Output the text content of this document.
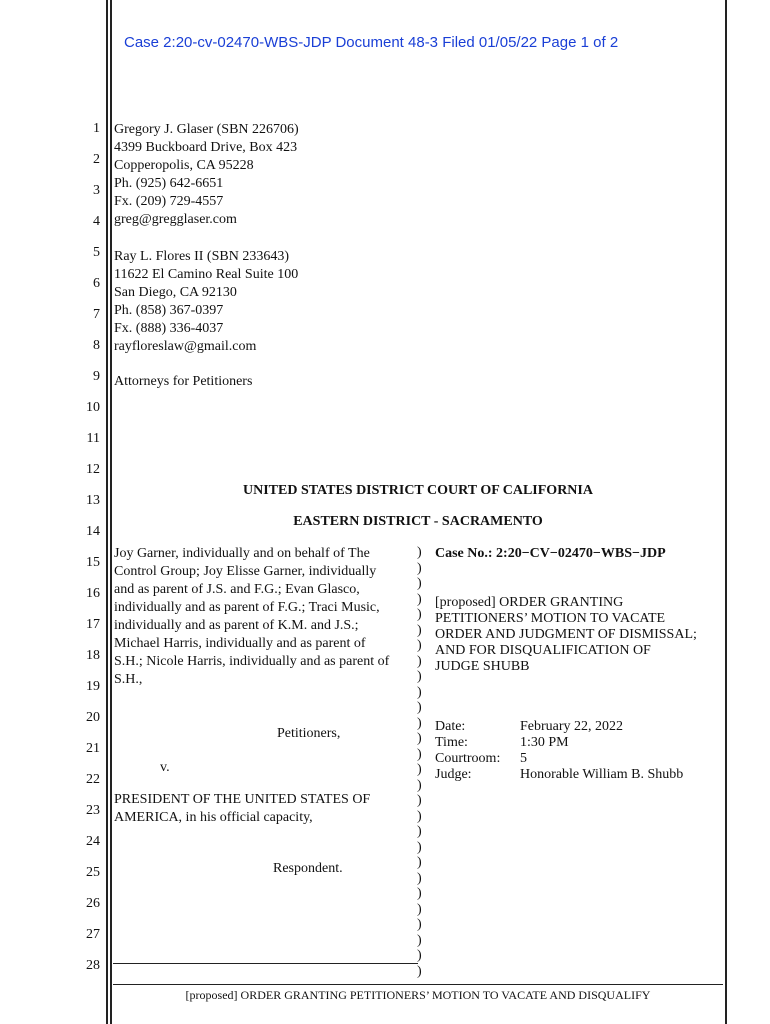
Case 2:20-cv-02470-WBS-JDP Document 48-3 Filed 01/05/22 Page 1 of 2
1
2
3
4
5
6
7
8
9
10
11
12
13
14
15
16
17
18
19
20
21
22
23
24
25
26
27
28
Gregory J. Glaser (SBN 226706)
4399 Buckboard Drive, Box 423
Copperopolis, CA 95228
Ph. (925) 642-6651
Fx. (209) 729-4557
greg@gregglaser.com
Ray L. Flores II (SBN 233643)
11622 El Camino Real Suite 100
San Diego, CA 92130
Ph. (858) 367-0397
Fx. (888) 336-4037
rayfloreslaw@gmail.com
Attorneys for Petitioners
UNITED STATES DISTRICT COURT OF CALIFORNIA
EASTERN DISTRICT - SACRAMENTO
Joy Garner, individually and on behalf of The
Control Group; Joy Elisse Garner, individually
and as parent of J.S. and F.G.; Evan Glasco,
individually and as parent of F.G.; Traci Music,
individually and as parent of K.M. and J.S.;
Michael Harris, individually and as parent of
S.H.; Nicole Harris, individually and as parent of
S.H.,
Petitioners,
v.
PRESIDENT OF THE UNITED STATES OF
AMERICA, in his official capacity,
Respondent.
)
)
)
)
)
)
)
)
)
)
)
)
)
)
)
)
)
)
)
)
)
)
)
)
)
)
)
)
Case No.: 2:20−CV−02470−WBS−JDP
[proposed] ORDER GRANTING
PETITIONERS’ MOTION TO VACATE
ORDER AND JUDGMENT OF DISMISSAL;
AND FOR DISQUALIFICATION OF
JUDGE SHUBB
Date:	February 22, 2022
Time:	1:30 PM
Courtroom: 5
Judge:	Honorable William B. Shubb
[proposed] ORDER GRANTING PETITIONERS’ MOTION TO VACATE AND DISQUALIFY
